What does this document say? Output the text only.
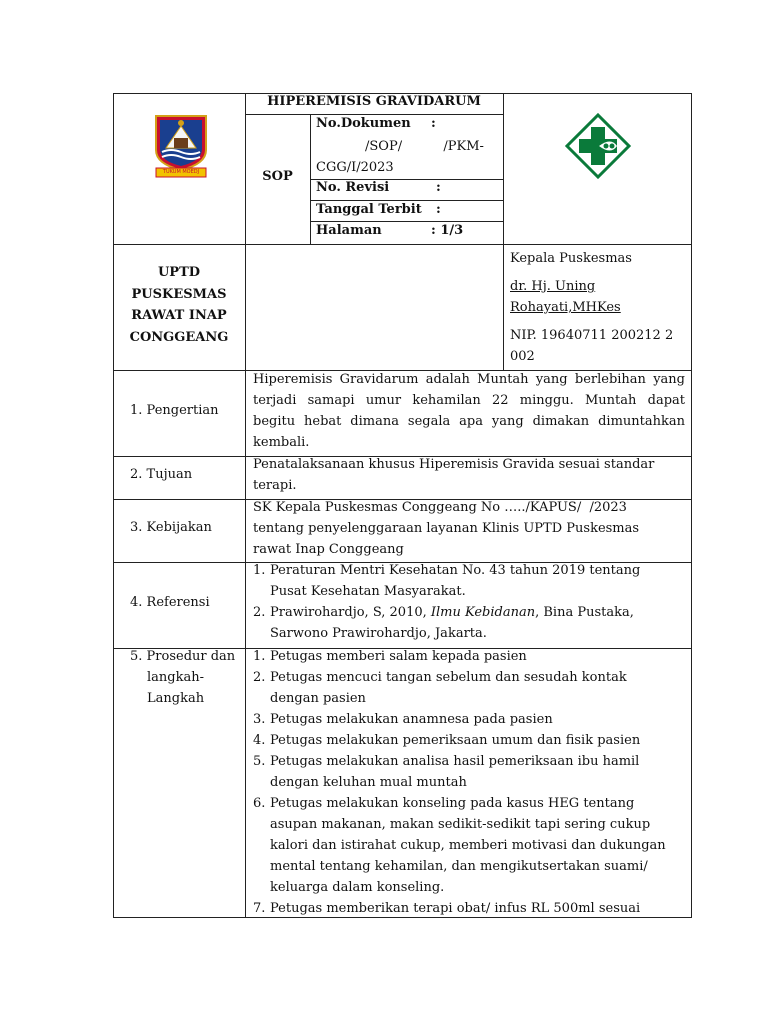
TUKUM MOEDJ
HIPEREMISIS GRAVIDARUM
SOP
No.Dokumen :
/SOP/          /PKM-
CGG/I/2023
No. Revisi	:
Tanggal Terbit :
Halaman	: 1/3
UPTD
PUSKESMAS
RAWAT INAP
CONGGEANG
Kepala Puskesmas
dr. Hj. Uning
Rohayati,MHKes
NIP. 19640711 200212 2
002
1. Pengertian
Hiperemisis Gravidarum adalah Muntah yang berlebihan yang
terjadi samapi umur kehamilan 22 minggu. Muntah dapat
begitu hebat dimana segala apa yang dimakan dimuntahkan
kembali.
2. Tujuan
Penatalaksanaan khusus Hiperemisis Gravida sesuai standar
terapi.
3. Kebijakan
SK Kepala Puskesmas Conggeang No …../KAPUS/  /2023
tentang penyelenggaraan layanan Klinis UPTD Puskesmas
rawat Inap Conggeang
4. Referensi
1. Peraturan Mentri Kesehatan No. 43 tahun 2019 tentang
Pusat Kesehatan Masyarakat.
2. Prawirohardjo, S, 2010, Ilmu Kebidanan, Bina Pustaka,
Sarwono Prawirohardjo, Jakarta.
5. Prosedur dan
langkah-
Langkah
1. Petugas memberi salam kepada pasien
2. Petugas mencuci tangan sebelum dan sesudah kontak
dengan pasien
3. Petugas melakukan anamnesa pada pasien
4. Petugas melakukan pemeriksaan umum dan fisik pasien
5. Petugas melakukan analisa hasil pemeriksaan ibu hamil
dengan keluhan mual muntah
6. Petugas melakukan konseling pada kasus HEG tentang
asupan makanan, makan sedikit-sedikit tapi sering cukup
kalori dan istirahat cukup, memberi motivasi dan dukungan
mental tentang kehamilan, dan mengikutsertakan suami/
keluarga dalam konseling.
7. Petugas memberikan terapi obat/ infus RL 500ml sesuai
